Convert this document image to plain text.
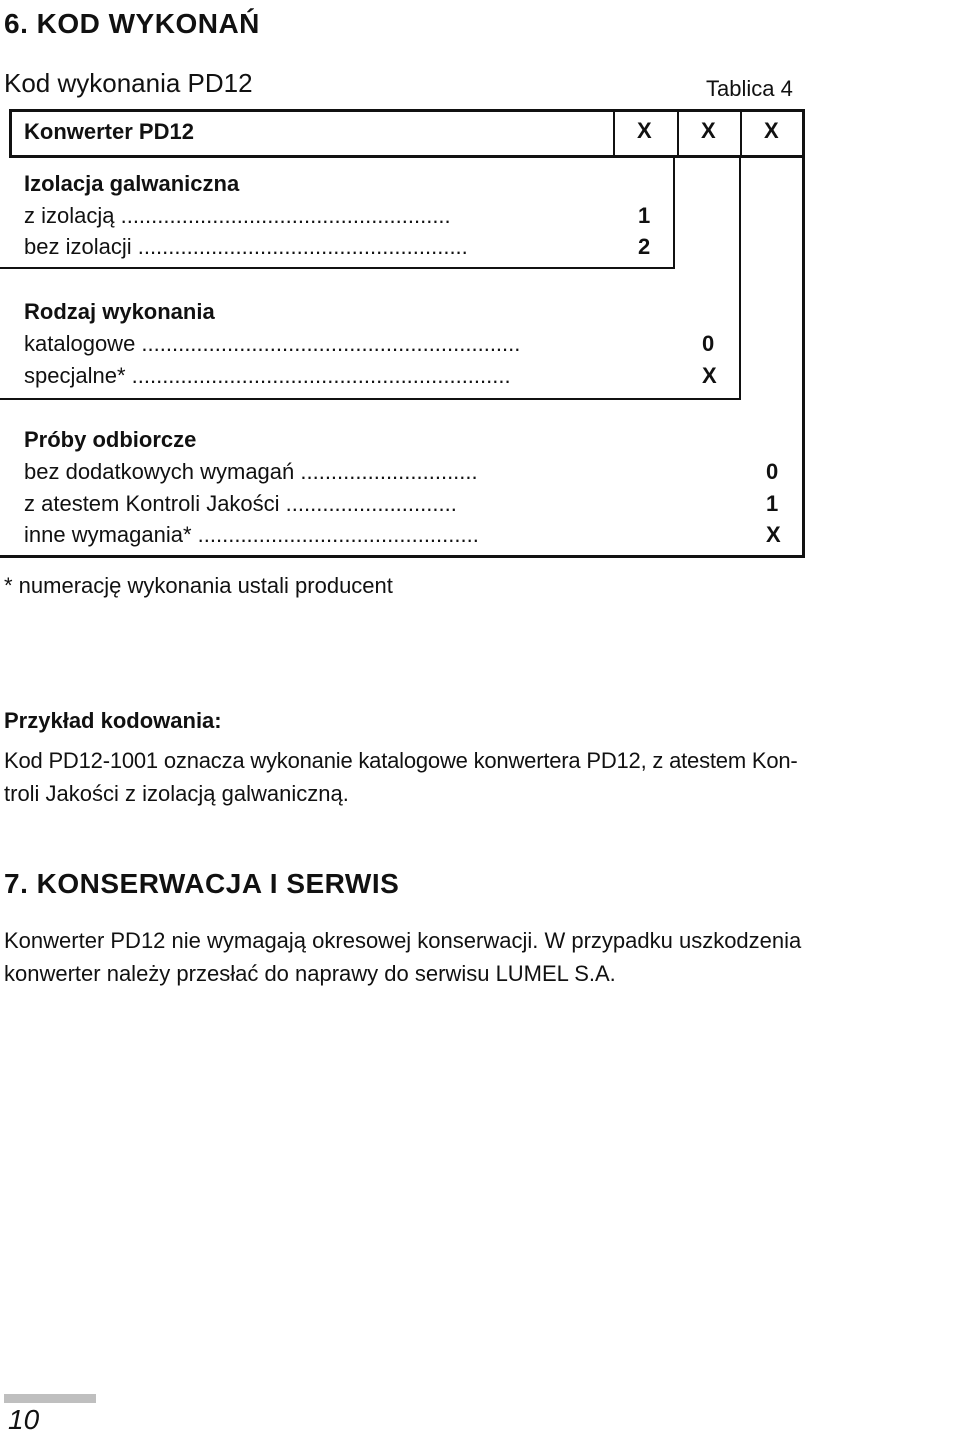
6. KOD WYKONAŃ
Kod wykonania PD12	Tablica 4
Konwerter PD12	X X X
Izolacja galwaniczna
z izolacją ......................................................	1
bez izolacji ......................................................	2
Rodzaj wykonania
katalogowe ..............................................................	0
specjalne* ..............................................................	X
Próby odbiorcze
bez dodatkowych wymagań .............................	0
z atestem Kontroli Jakości ............................	1
inne wymagania* ..............................................	X
* numerację wykonania ustali producent
Przykład kodowania:
Kod PD12-1001 oznacza wykonanie katalogowe konwertera PD12, z atestem Kon-
troli Jakości z izolacją galwaniczną.
7. KONSERWACJA I SERWIS
Konwerter PD12 nie wymagają okresowej konserwacji. W przypadku uszkodzenia
konwerter należy przesłać do naprawy do serwisu LUMEL S.A.
10
